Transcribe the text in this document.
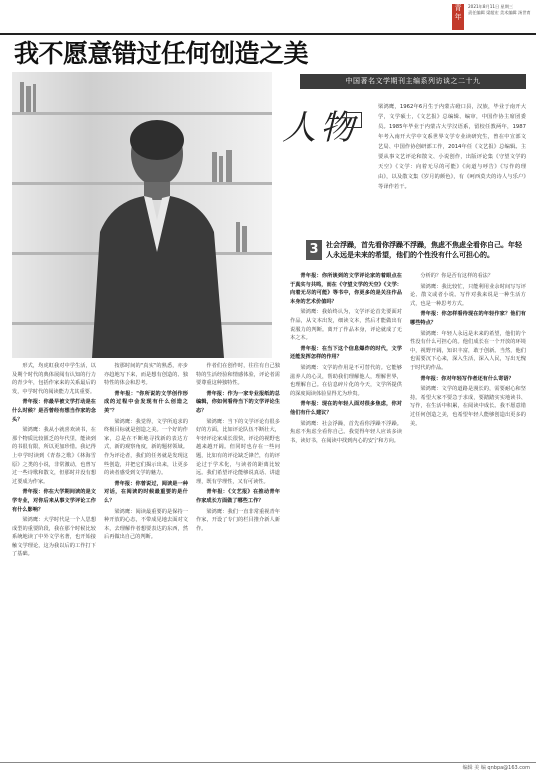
青
年
2021年8月11日 星期三
责任编辑 梁超宏 美术编辑 汤世育
我不愿意错过任何创造之美
中国著名文学期刊主编系列访谈之二十九
人物
梁鸿鹰，1962年6月生于内蒙古磴口县，汉族，毕业于南开大学，文学硕士，《文艺报》总编辑、编审，中国作协主席团委员。1985年毕业于内蒙古大学汉语系，留校任教两年，1987年考入南开大学中文系世界文学专业读研究生，曾在中宣部文艺局、中国作协创研部工作，2014年任《文艺报》总编辑。主要从事文艺评论和散文、小说创作，出版评论集《守望文学的天空》《文学：向着无尽的可能》《向道与呼告》《写作的理由》，以及散文集《岁月的颜色》，有《呵西莫夫的诗人与乐户》等译作若干。
3	社会浮躁，首先看你浮躁不浮躁，焦虑不焦虑全看你自己。年轻人永远是未来的希望，他们的个性没有什么可担心的。

形式，均虎虹我对中学生活，以及期个时代的典体展阅有认知的行力的青少年，包括作家来的关系最后的发，中学时代的阅读能力尤其重要。

青年报：你最早被文学打动是在什么时候？是否曾经有想当作家的念头？

梁鸿鹰：我从小就喜欢读书，在那个物质比较匮乏的年代里，能读到的书很有限，所以更加珍惜。我记得上中学时读到《青春之歌》《林海雪原》之类的小说，非常激动，也曾写过一些诗歌和散文，但那时并没有想过要成为作家。

青年报：你在大学期间读的是文学专业，对你后来从事文学评论工作有什么影响？

梁鸿鹰：大学时代是一个人思想成型的重要阶段，我在那个时候比较系统地读了中外文学名著，也开始接触文学理论，这为我以后的工作打下了基础。

按那时间的"真实"的熟悉，亦步亦趋地写下来，而是想有创造的、独特性的体会和思考。

青年报："你所说的文学创作形成的过程中会发现有什么创造之美"？

梁鸿鹰：我觉得，文学所追求的终极目标就是创造之美。一个好的作家，总是在不断地寻找新的表达方式，新的观察角度，新的题材领域。作为评论者，我们的任务就是发现这些创造，并把它们揭示出来，让更多的读者感受到文学的魅力。

青年报：你曾说过，阅读是一种对话，在阅读的时候最重要的是什么？

梁鸿鹰：阅读最重要的是保持一种开放的心态，不带成见地去面对文本，去理解作者想要表达的东西，然后再做出自己的判断。

作者们在创作时，往往有自己独特的生活经验和情感体验，评论者需要尊重这种独特性。

青年报：作为一家专业报纸的总编辑，你如何看待当下的文学评论生态？

梁鸿鹰：当下的文学评论有很多好的方面，比如评论队伍不断壮大，年轻评论家成长很快，评论的视野也越来越开阔。但同时也存在一些问题，比如有的评论缺乏锋芒，有的评论过于学术化，与读者的距离比较远。我们希望评论能够说真话、讲道理，既有学理性，又有可读性。

青年报：《文艺报》在推动青年作家成长方面做了哪些工作？

梁鸿鹰：我们一直非常重视青年作家，开设了专门的栏目推介新人新作。

青年报：你所谈到的文学评论家的着眼点在于真实与共鸣，而在《守望文学的天空》《文学：向着无尽的可能》等书中，你更多的是关注作品本身的艺术价值吗？

梁鸿鹰：我始终认为，文学评论首先要面对作品，从文本出发，细读文本，然后才能做出有说服力的判断。离开了作品本身，评论就成了无本之木。

青年报：在当下这个信息爆炸的时代，文学还能发挥怎样的作用？

梁鸿鹰：文学的作用是不可替代的。它能够滋养人的心灵，帮助我们理解他人，理解世界，也理解自己。在信息碎片化的今天，文学所提供的深度阅读体验显得尤为珍贵。

青年报：现在的年轻人面对很多焦虑，你对他们有什么建议？

梁鸿鹰：社会浮躁，首先看你浮躁不浮躁。焦虑不焦虑全看你自己。我觉得年轻人应该多读书，读好书，在阅读中找到内心的安宁和方向。

分析的？你是否有这样的看法？

梁鸿鹰：我比较忙，只能利用业余时间写写评论、散文或者小说。写作对我来说是一种生活方式，也是一种思考方式。

青年报：你怎样看待现在的年轻作家？他们有哪些特点？

梁鸿鹰：年轻人永远是未来的希望，他们的个性没有什么可担心的。他们成长在一个开放的环境中，视野开阔，知识丰富，敢于创新。当然，他们也需要沉下心来，深入生活，深入人民，写出无愧于时代的作品。

青年报：你对年轻写作者还有什么寄语？

梁鸿鹰：文学的道路是漫长的，需要耐心和坚持。希望大家不要急于求成，要踏踏实实地读书、写作，在生活中积累，在阅读中成长。我不愿意错过任何创造之美，也希望年轻人能够创造出更多的美。

编辑 美 编 qnbpa@163.com
